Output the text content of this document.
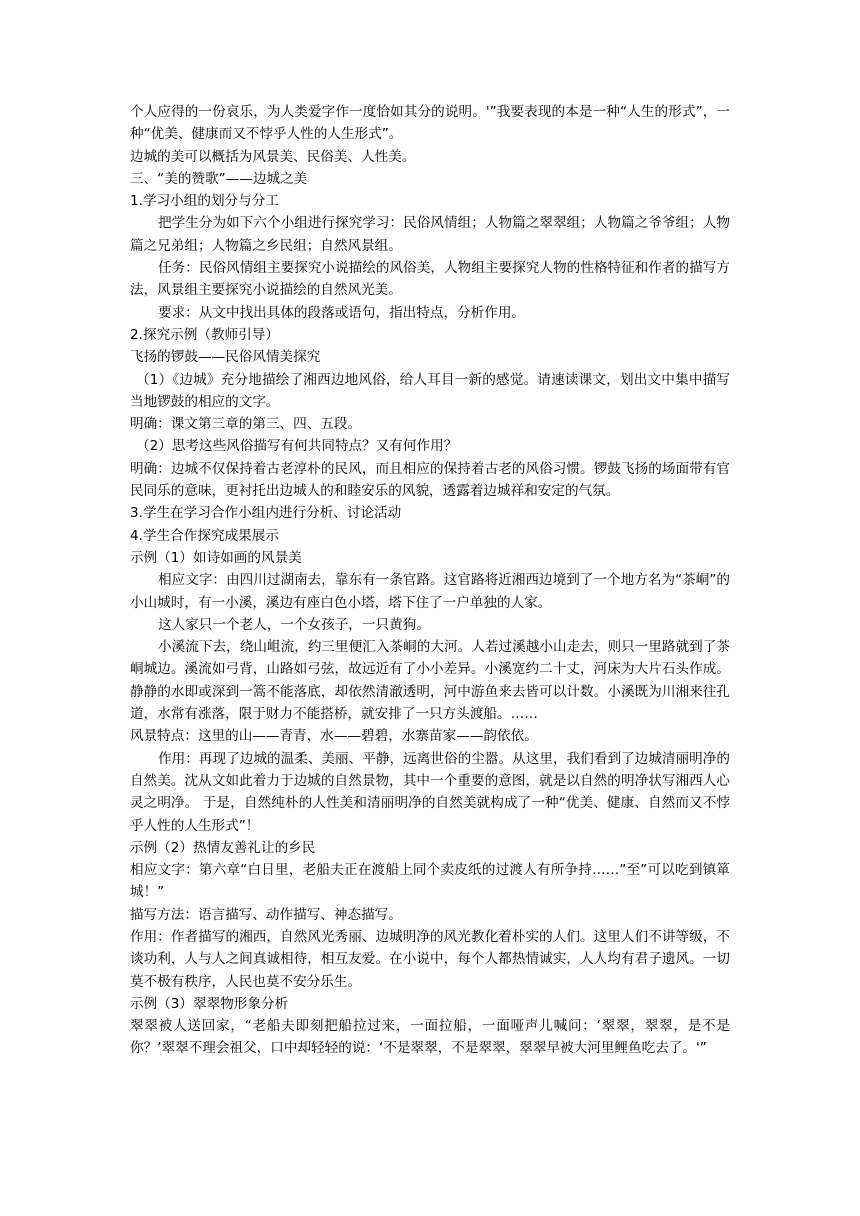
个人应得的一份哀乐，为人类爱字作一度恰如其分的说明。'”我要表现的本是一种“人生的形式”，一种“优美、健康而又不悖乎人性的人生形式”。

边城的美可以概括为风景美、民俗美、人性美。

三、“美的赞歌”——边城之美

1.学习小组的划分与分工

把学生分为如下六个小组进行探究学习：民俗风情组；人物篇之翠翠组；人物篇之爷爷组；人物篇之兄弟组；人物篇之乡民组；自然风景组。

任务：民俗风情组主要探究小说描绘的风俗美，人物组主要探究人物的性格特征和作者的描写方法，风景组主要探究小说描绘的自然风光美。

要求：从文中找出具体的段落或语句，指出特点，分析作用。

2.探究示例（教师引导）

飞扬的锣鼓——民俗风情美探究

（1）《边城》充分地描绘了湘西边地风俗，给人耳目一新的感觉。请速读课文，划出文中集中描写当地锣鼓的相应的文字。

明确：课文第三章的第三、四、五段。

（2）思考这些风俗描写有何共同特点？又有何作用？

明确：边城不仅保持着古老淳朴的民风，而且相应的保持着古老的风俗习惯。锣鼓飞扬的场面带有官民同乐的意味，更衬托出边城人的和睦安乐的风貌，透露着边城祥和安定的气氛。

3.学生在学习合作小组内进行分析、讨论活动

4.学生合作探究成果展示

示例（1）如诗如画的风景美

相应文字：由四川过湖南去，靠东有一条官路。这官路将近湘西边境到了一个地方名为“茶峒”的小山城时，有一小溪，溪边有座白色小塔，塔下住了一户单独的人家。

这人家只一个老人，一个女孩子，一只黄狗。

小溪流下去，绕山岨流，约三里便汇入茶峒的大河。人若过溪越小山走去，则只一里路就到了茶峒城边。溪流如弓背，山路如弓弦，故远近有了小小差异。小溪宽约二十丈，河床为大片石头作成。静静的水即或深到一篙不能落底，却依然清澈透明，河中游鱼来去皆可以计数。小溪既为川湘来往孔道，水常有涨落，限于财力不能搭桥，就安排了一只方头渡船。……

风景特点：这里的山——青青，水——碧碧，水寨苗家——韵依依。

作用：再现了边城的温柔、美丽、平静，远离世俗的尘嚣。从这里，我们看到了边城清丽明净的自然美。沈从文如此着力于边城的自然景物，其中一个重要的意图，就是以自然的明净状写湘西人心灵之明净。 于是，自然纯朴的人性美和清丽明净的自然美就构成了一种“优美、健康、自然而又不悖乎人性的人生形式”！

示例（2）热情友善礼让的乡民

相应文字：第六章“白日里，老船夫正在渡船上同个卖皮纸的过渡人有所争持……”至”可以吃到镇箪城！”

描写方法：语言描写、动作描写、神态描写。

作用：作者描写的湘西，自然风光秀丽、边城明净的风光教化着朴实的人们。这里人们不讲等级，不谈功利，人与人之间真诚相待，相互友爱。在小说中，每个人都热情诚实，人人均有君子遗风。一切莫不极有秩序，人民也莫不安分乐生。

示例（3）翠翠物形象分析

翠翠被人送回家，“老船夫即刻把船拉过来，一面拉船，一面哑声儿喊问：‘翠翠，翠翠，是不是你？’翠翠不理会祖父，口中却轻轻的说：‘不是翠翠，不是翠翠，翠翠早被大河里鲤鱼吃去了。'”
